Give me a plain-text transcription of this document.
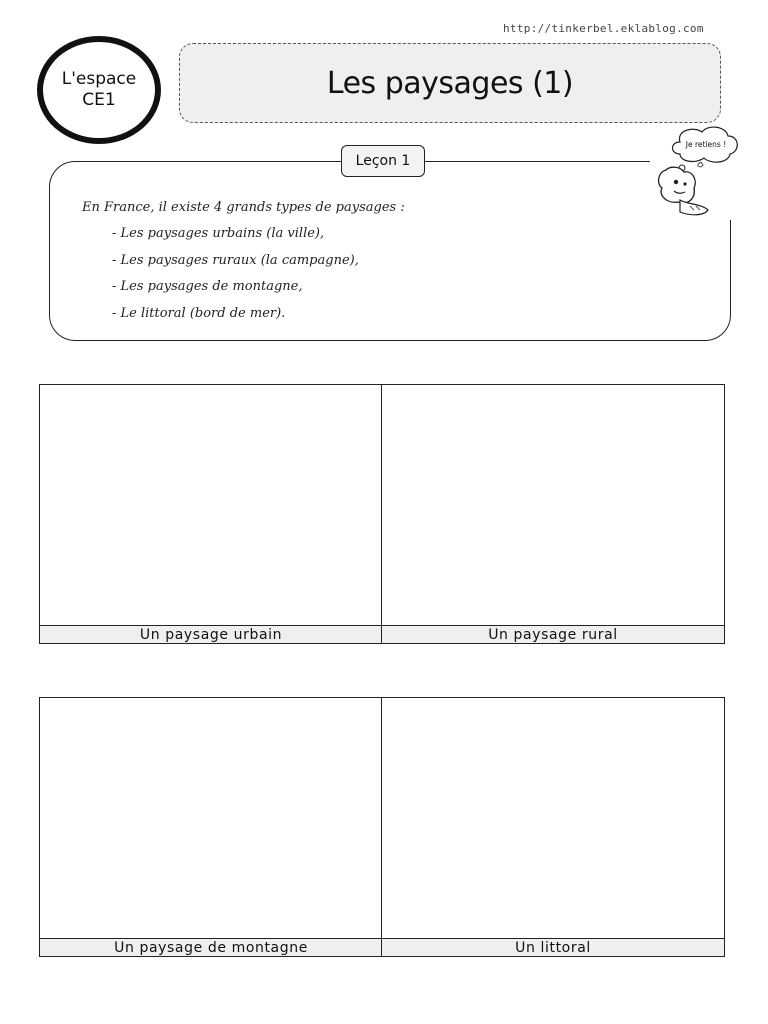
http://tinkerbel.eklablog.com
L'espace
CE1	Les paysages (1)
Leçon 1
Je retiens !
En France, il existe 4 grands types de paysages :
- Les paysages urbains (la ville),
- Les paysages ruraux (la campagne),
- Les paysages de montagne,
- Le littoral (bord de mer).
Un paysage urbain	Un paysage rural
Un paysage de montagne	Un littoral
